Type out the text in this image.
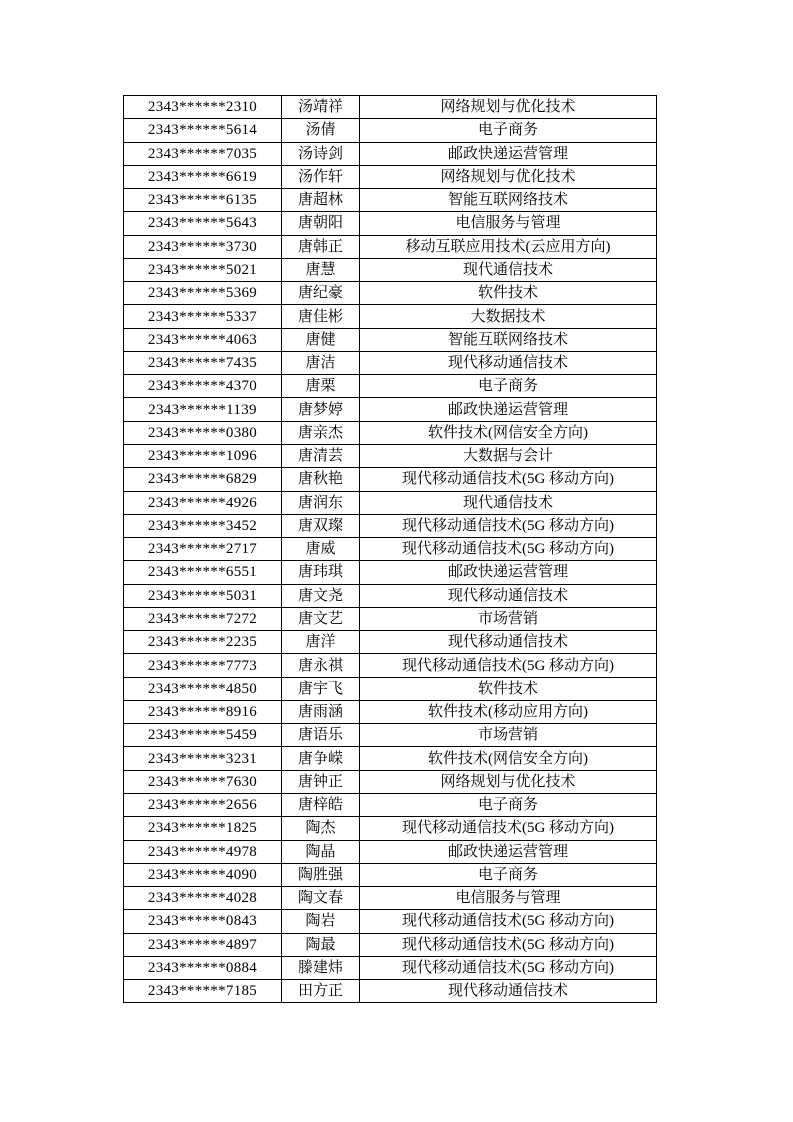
2343******2310	汤靖祥	网络规划与优化技术
2343******5614	汤倩	电子商务
2343******7035	汤诗剑	邮政快递运营管理
2343******6619	汤作轩	网络规划与优化技术
2343******6135	唐超林	智能互联网络技术
2343******5643	唐朝阳	电信服务与管理
2343******3730	唐韩正	移动互联应用技术(云应用方向)
2343******5021	唐慧	现代通信技术
2343******5369	唐纪豪	软件技术
2343******5337	唐佳彬	大数据技术
2343******4063	唐健	智能互联网络技术
2343******7435	唐洁	现代移动通信技术
2343******4370	唐栗	电子商务
2343******1139	唐梦婷	邮政快递运营管理
2343******0380	唐亲杰	软件技术(网信安全方向)
2343******1096	唐清芸	大数据与会计
2343******6829	唐秋艳	现代移动通信技术(5G 移动方向)
2343******4926	唐润东	现代通信技术
2343******3452	唐双璨	现代移动通信技术(5G 移动方向)
2343******2717	唐威	现代移动通信技术(5G 移动方向)
2343******6551	唐玮琪	邮政快递运营管理
2343******5031	唐文尧	现代移动通信技术
2343******7272	唐文艺	市场营销
2343******2235	唐洋	现代移动通信技术
2343******7773	唐永祺	现代移动通信技术(5G 移动方向)
2343******4850	唐宇飞	软件技术
2343******8916	唐雨涵	软件技术(移动应用方向)
2343******5459	唐语乐	市场营销
2343******3231	唐争嵘	软件技术(网信安全方向)
2343******7630	唐钟正	网络规划与优化技术
2343******2656	唐梓皓	电子商务
2343******1825	陶杰	现代移动通信技术(5G 移动方向)
2343******4978	陶晶	邮政快递运营管理
2343******4090	陶胜强	电子商务
2343******4028	陶文春	电信服务与管理
2343******0843	陶岩	现代移动通信技术(5G 移动方向)
2343******4897	陶最	现代移动通信技术(5G 移动方向)
2343******0884	滕建炜	现代移动通信技术(5G 移动方向)
2343******7185	田方正	现代移动通信技术
